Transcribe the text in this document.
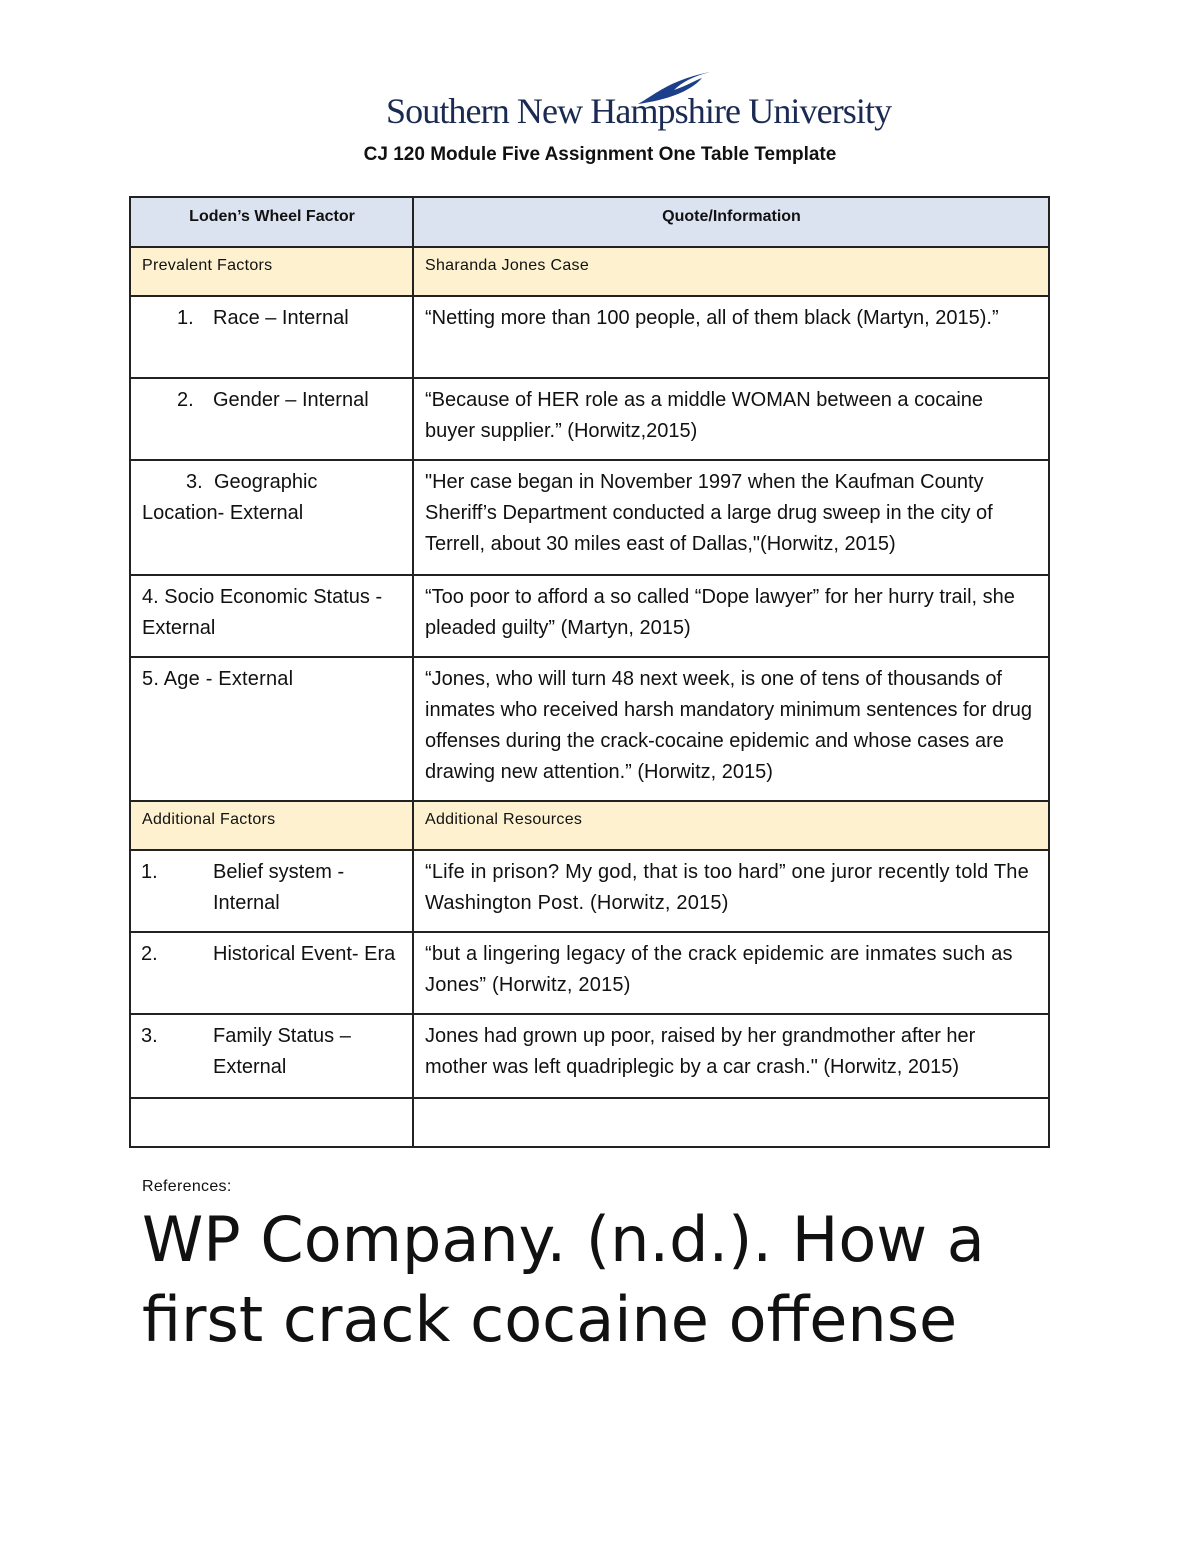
Southern New Hampshire University
CJ 120 Module Five Assignment One Table Template
Loden’s Wheel Factor	Quote/Information
Prevalent Factors	Sharanda Jones Case
1. Race – Internal	“Netting more than 100 people, all of them black (Martyn, 2015).”
2. Gender – Internal	“Because of HER role as a middle WOMAN between a cocaine buyer supplier.” (Horwitz,2015)
3. Geographic Location- External	"Her case began in November 1997 when the Kaufman County Sheriff’s Department conducted a large drug sweep in the city of Terrell, about 30 miles east of Dallas,"(Horwitz, 2015)
4. Socio Economic Status - External	“Too poor to afford a so called “Dope lawyer” for her hurry trail, she pleaded guilty” (Martyn, 2015)
5. Age - External	“Jones, who will turn 48 next week, is one of tens of thousands of inmates who received harsh mandatory minimum sentences for drug offenses during the crack-cocaine epidemic and whose cases are drawing new attention.” (Horwitz, 2015)
Additional Factors	Additional Resources

1. Belief system - Internal	“Life in prison? My god, that is too hard” one juror recently told The Washington Post. (Horwitz, 2015)

2. Historical Event- Era	“but a lingering legacy of the crack epidemic are inmates such as Jones” (Horwitz, 2015)

3. Family Status – External	Jones had grown up poor, raised by her grandmother after her mother was left quadriplegic by a car crash." (Horwitz, 2015)

References:
WP Company. (n.d.). How a first crack cocaine offense
